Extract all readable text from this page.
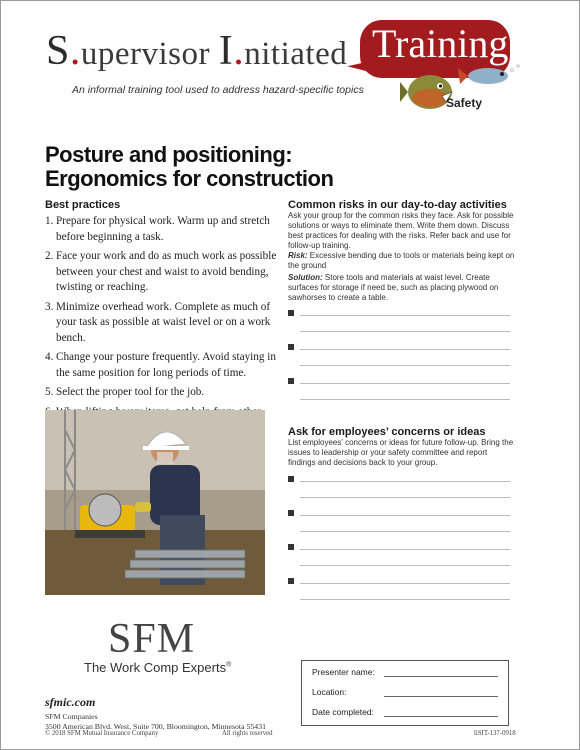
S.upervisor I.nitiated Training
An informal training tool used to address hazard-specific topics
Safety
Posture and positioning:
Ergonomics for construction
Best practices
1. Prepare for physical work. Warm up and stretch before beginning a task.
2. Face your work and do as much work as possible between your chest and waist to avoid bending, twisting or reaching.
3. Minimize overhead work. Complete as much of your task as possible at waist level or on a work bench.
4. Change your posture frequently. Avoid staying in the same position for long periods of time.
5. Select the proper tool for the job.
SFM
The Work Comp Experts®
sfmic.com
SFM Companies
3500 American Blvd. West, Suite 700, Bloomington, Minnesota 55431
© 2018 SFM Mutual Insurance Company	All rights reserved	liSIT-137-0918
Common risks in our day-to-day activities
Ask your group for the common risks they face. Ask for possible solutions or ways to eliminate them. Write them down. Discuss best practices for dealing with the risks. Refer back and use for follow-up training.
Risk: Excessive bending due to tools or materials being kept on the ground
Solution: Store tools and materials at waist level. Create surfaces for storage if need be, such as placing plywood on sawhorses to create a table.
Ask for employees’ concerns or ideas
List employees’ concerns or ideas for future follow-up. Bring the issues to leadership or your safety committee and report findings and decisions back to your group.
Presenter name:
Location:
Date completed:
